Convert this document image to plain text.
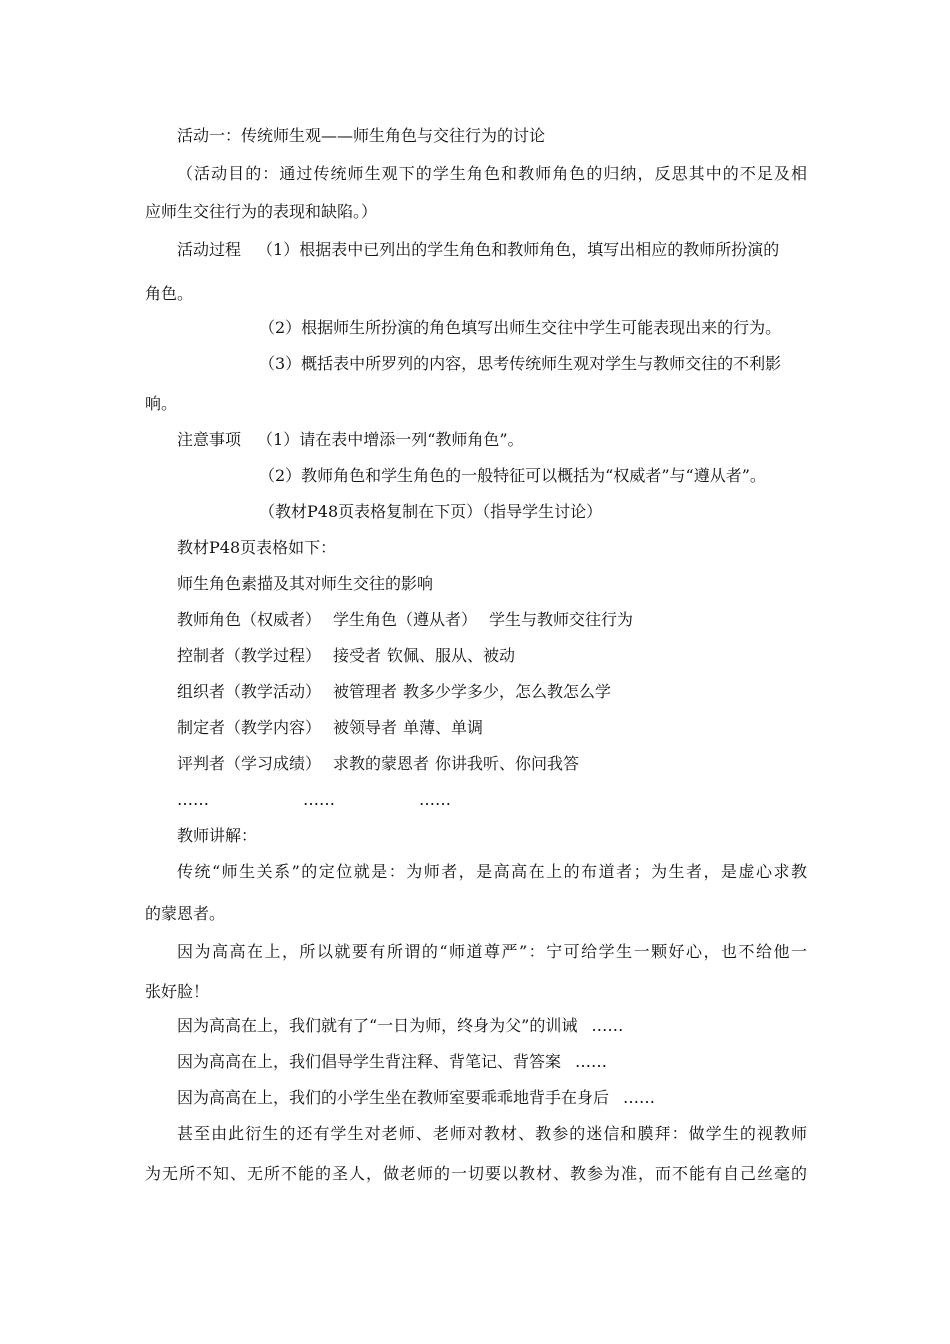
活动一：传统师生观——师生角色与交往行为的讨论

（活动目的：通过传统师生观下的学生角色和教师角色的归纳，反思其中的不足及相

应师生交往行为的表现和缺陷。）

活动过程 （1）根据表中已列出的学生角色和教师角色，填写出相应的教师所扮演的

角色。

（2）根据师生所扮演的角色填写出师生交往中学生可能表现出来的行为。

（3）概括表中所罗列的内容，思考传统师生观对学生与教师交往的不利影

响。

注意事项 （1）请在表中增添一列“教师角色”。

（2）教师角色和学生角色的一般特征可以概括为“权威者”与“遵从者”。

（教材P48页表格复制在下页）（指导学生讨论）

教材P48页表格如下：

师生角色素描及其对师生交往的影响

教师角色（权威者） 学生角色（遵从者） 学生与教师交往行为

控制者（教学过程） 接受者 钦佩、服从、被动

组织者（教学活动） 被管理者 教多少学多少，怎么教怎么学

制定者（教学内容） 被领导者 单薄、单调

评判者（学习成绩） 求教的蒙恩者 你讲我听、你问我答

……	……	……

教师讲解：

传统“师生关系”的定位就是：为师者，是高高在上的布道者；为生者，是虚心求教

的蒙恩者。

因为高高在上，所以就要有所谓的“师道尊严”：宁可给学生一颗好心，也不给他一

张好脸！

因为高高在上，我们就有了“一日为师，终身为父”的训诫 ……

因为高高在上，我们倡导学生背注释、背笔记、背答案 ……

因为高高在上，我们的小学生坐在教师室要乖乖地背手在身后 ……

甚至由此衍生的还有学生对老师、老师对教材、教参的迷信和膜拜：做学生的视教师

为无所不知、无所不能的圣人，做老师的一切要以教材、教参为准，而不能有自己丝毫的
